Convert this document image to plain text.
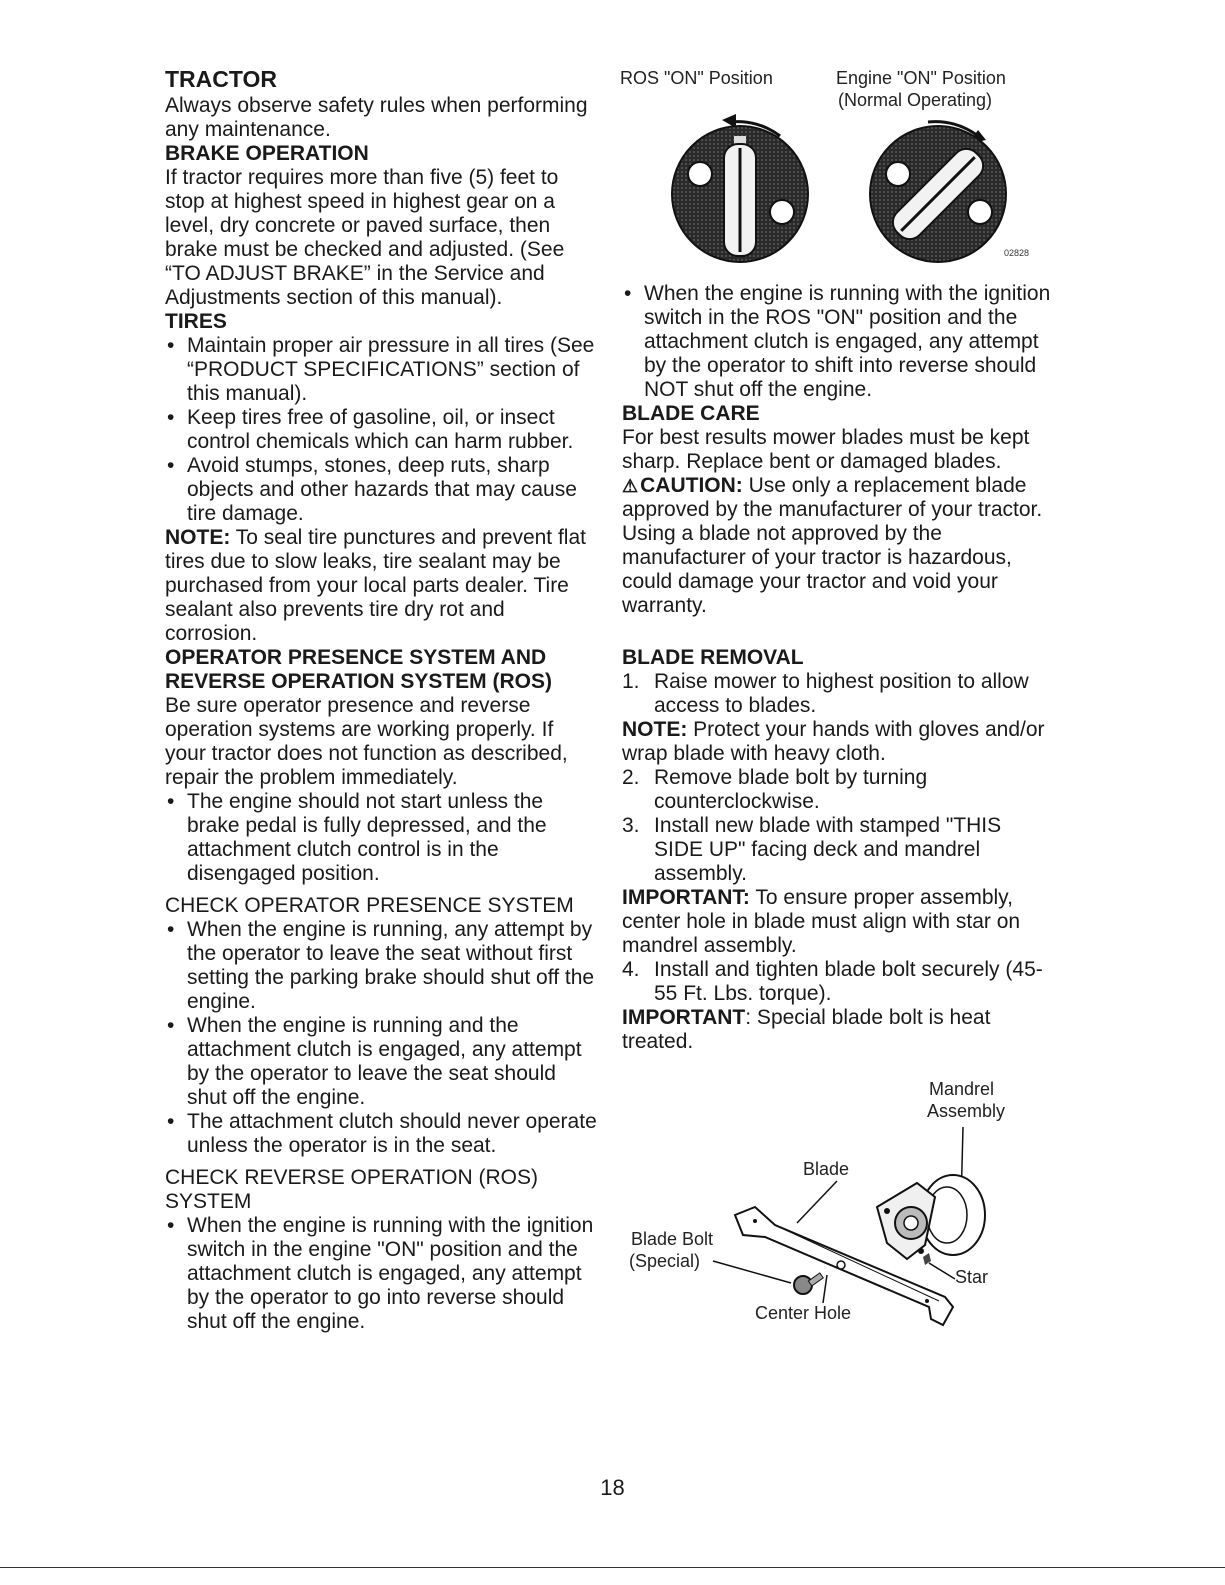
TRACTOR

Always observe safety rules when performing any maintenance.

BRAKE OPERATION

If tractor requires more than five (5) feet to stop at highest speed in highest gear on a level, dry concrete or paved surface, then brake must be checked and adjusted. (See “TO ADJUST BRAKE” in the Service and Adjustments section of this manual).

TIRES
• Maintain proper air pressure in all tires (See “PRODUCT SPECIFICATIONS” section of this manual).
• Keep tires free of gasoline, oil, or insect control chemicals which can harm rubber.
• Avoid stumps, stones, deep ruts, sharp objects and other hazards that may cause tire damage.

NOTE: To seal tire punctures and prevent flat tires due to slow leaks, tire sealant may be purchased from your local parts dealer. Tire sealant also prevents tire dry rot and corrosion.

OPERATOR PRESENCE SYSTEM AND REVERSE OPERATION SYSTEM (ROS)

Be sure operator presence and reverse operation systems are working properly. If your tractor does not function as described, repair the problem immediately.

• The engine should not start unless the brake pedal is fully depressed, and the attachment clutch control is in the disengaged position.
CHECK OPERATOR PRESENCE SYSTEM
• When the engine is running, any attempt by the operator to leave the seat without first setting the parking brake should shut off the engine.
• When the engine is running and the attachment clutch is engaged, any attempt by the operator to leave the seat should shut off the engine.
• The attachment clutch should never operate unless the operator is in the seat.
CHECK REVERSE OPERATION (ROS) SYSTEM
• When the engine is running with the ignition switch in the engine "ON" position and the attachment clutch is engaged, any attempt by the operator to go into reverse should shut off the engine.
ROS "ON" Position	Engine "ON" Position
(Normal Operating)
02828
• When the engine is running with the ignition switch in the ROS "ON" position and the attachment clutch is engaged, any attempt by the operator to shift into reverse should NOT shut off the engine.
BLADE CARE

For best results mower blades must be kept sharp. Replace bent or damaged blades.

⚠CAUTION: Use only a replacement blade approved by the manufacturer of your tractor. Using a blade not approved by the manufacturer of your tractor is hazardous, could damage your tractor and void your warranty.

BLADE REMOVAL
1. Raise mower to highest position to allow access to blades.

NOTE: Protect your hands with gloves and/or wrap blade with heavy cloth.

2. Remove blade bolt by turning counterclockwise.
3. Install new blade with stamped "THIS SIDE UP" facing deck and mandrel assembly.

IMPORTANT: To ensure proper assembly, center hole in blade must align with star on mandrel assembly.

4. Install and tighten blade bolt securely (45-55 Ft. Lbs. torque).

IMPORTANT: Special blade bolt is heat treated.

Mandrel
Assembly
Blade
Blade Bolt
(Special)
Star
Center Hole
18
